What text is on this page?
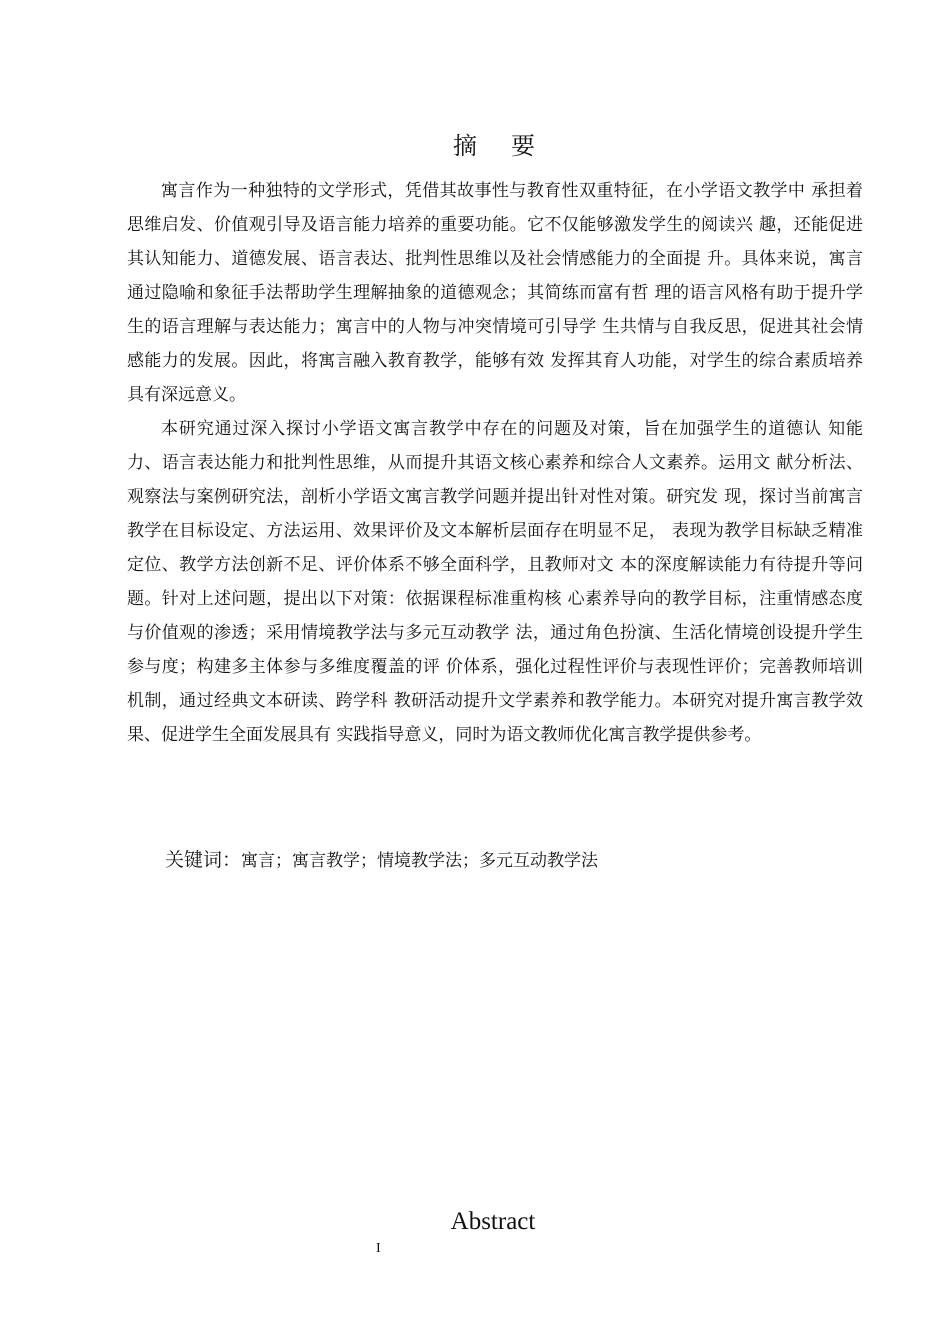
摘 要

寓言作为一种独特的文学形式，凭借其故事性与教育性双重特征，在小学语文教学中 承担着思维启发、价值观引导及语言能力培养的重要功能。它不仅能够激发学生的阅读兴 趣，还能促进其认知能力、道德发展、语言表达、批判性思维以及社会情感能力的全面提 升。具体来说，寓言通过隐喻和象征手法帮助学生理解抽象的道德观念；其简练而富有哲 理的语言风格有助于提升学生的语言理解与表达能力；寓言中的人物与冲突情境可引导学 生共情与自我反思，促进其社会情感能力的发展。因此，将寓言融入教育教学，能够有效 发挥其育人功能，对学生的综合素质培养具有深远意义。

本研究通过深入探讨小学语文寓言教学中存在的问题及对策，旨在加强学生的道德认 知能力、语言表达能力和批判性思维，从而提升其语文核心素养和综合人文素养。运用文 献分析法、观察法与案例研究法，剖析小学语文寓言教学问题并提出针对性对策。研究发 现，探讨当前寓言教学在目标设定、方法运用、效果评价及文本解析层面存在明显不足， 表现为教学目标缺乏精准定位、教学方法创新不足、评价体系不够全面科学，且教师对文 本的深度解读能力有待提升等问题。针对上述问题，提出以下对策：依据课程标准重构核 心素养导向的教学目标，注重情感态度与价值观的渗透；采用情境教学法与多元互动教学 法，通过角色扮演、生活化情境创设提升学生参与度；构建多主体参与多维度覆盖的评 价体系，强化过程性评价与表现性评价；完善教师培训机制，通过经典文本研读、跨学科 教研活动提升文学素养和教学能力。本研究对提升寓言教学效果、促进学生全面发展具有 实践指导意义，同时为语文教师优化寓言教学提供参考。

关键词：寓言；寓言教学；情境教学法；多元互动教学法
Abstract
I
